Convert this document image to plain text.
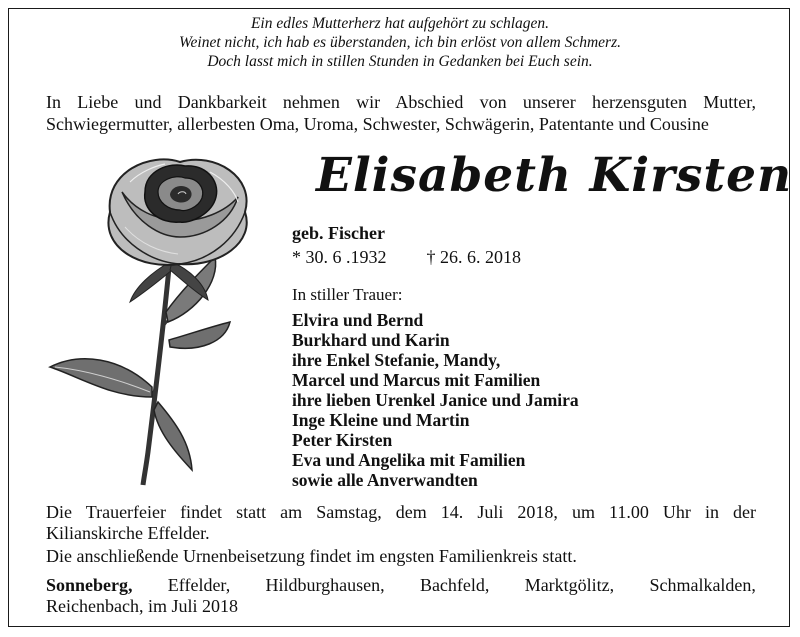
Ein edles Mutterherz hat aufgehört zu schlagen.
Weinet nicht, ich hab es überstanden, ich bin erlöst von allem Schmerz.
Doch lasst mich in stillen Stunden in Gedanken bei Euch sein.
In Liebe und Dankbarkeit nehmen wir Abschied von unserer herzensguten Mutter,
Schwiegermutter, allerbesten Oma, Uroma, Schwester, Schwägerin, Patentante und Cousine
Elisabeth Kirsten
geb. Fischer
* 30. 6 .1932 † 26. 6. 2018
In stiller Trauer:
Elvira und Bernd
Burkhard und Karin
ihre Enkel Stefanie, Mandy,
Marcel und Marcus mit Familien
ihre lieben Urenkel Janice und Jamira
Inge Kleine und Martin
Peter Kirsten
Eva und Angelika mit Familien
sowie alle Anverwandten
Die Trauerfeier findet statt am Samstag, dem 14. Juli 2018, um 11.00 Uhr in der
Kilianskirche Effelder.
Die anschließende Urnenbeisetzung findet im engsten Familienkreis statt.
Sonneberg, Effelder, Hildburghausen, Bachfeld, Marktgölitz, Schmalkalden,
Reichenbach, im Juli 2018
